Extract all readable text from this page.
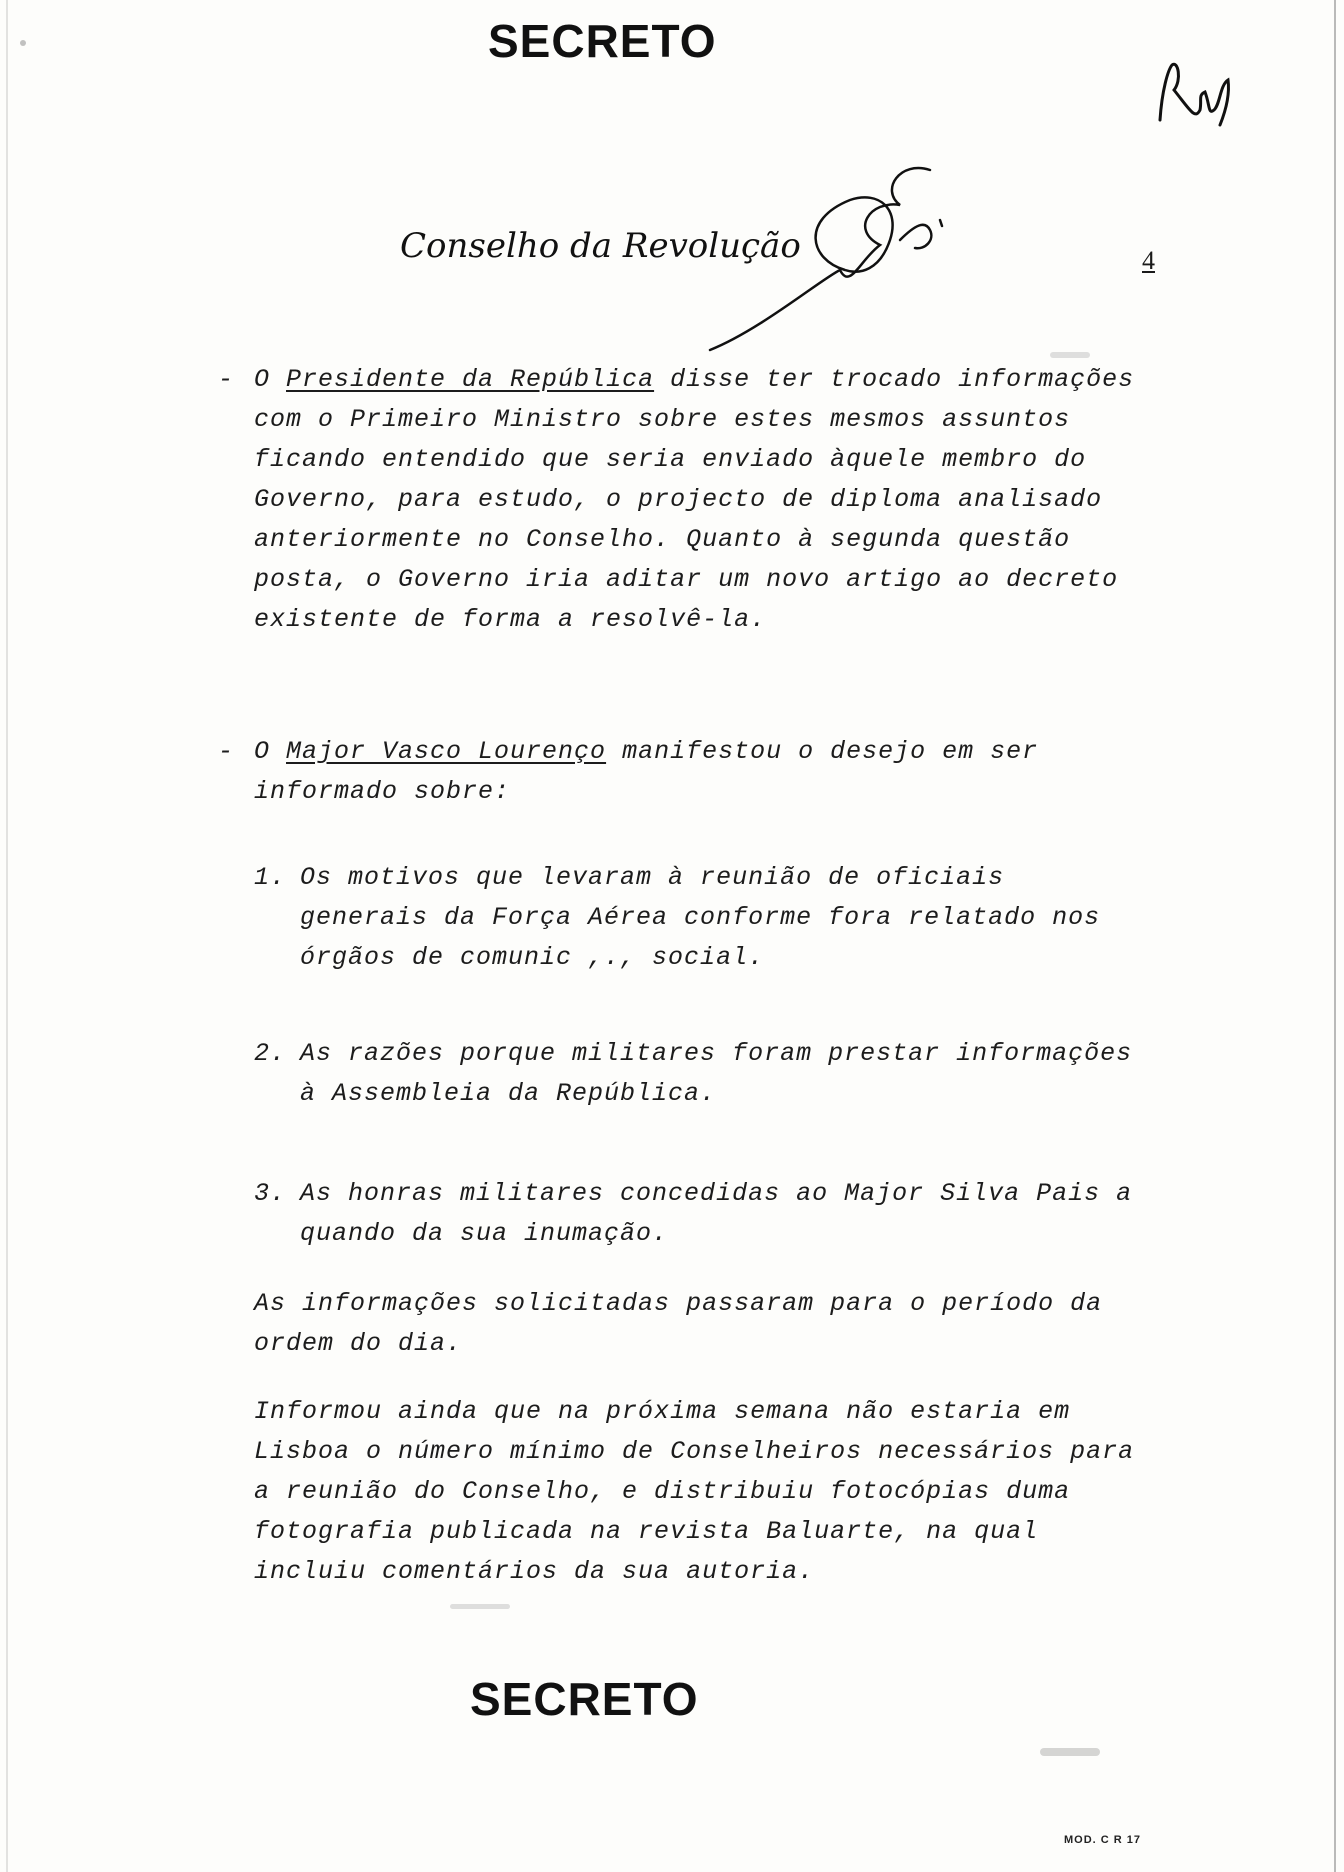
SECRETO
Conselho da Revolução	4
- O Presidente da República disse ter trocado informações com o Primeiro Ministro sobre estes mesmos assuntos ficando entendido que seria enviado àquele membro do Governo, para estudo, o projecto de diploma analisado anteriormente no Conselho. Quanto à segunda questão posta, o Governo iria aditar um novo artigo ao decreto existente de forma a resolvê-la.

- O Major Vasco Lourenço manifestou o desejo em ser informado sobre:

1. Os motivos que levaram à reunião de oficiais generais da Força Aérea conforme fora relatado nos órgãos de comunic ,., social.
2. As razões porque militares foram prestar informações à Assembleia da República.
3. As honras militares concedidas ao Major Silva Pais a quando da sua inumação.

As informações solicitadas passaram para o período da ordem do dia.

Informou ainda que na próxima semana não estaria em Lisboa o número mínimo de Conselheiros necessários para a reunião do Conselho, e distribuiu fotocópias duma fotografia publicada na revista Baluarte, na qual incluiu comentários da sua autoria.

SECRETO
MOD. C R 17
